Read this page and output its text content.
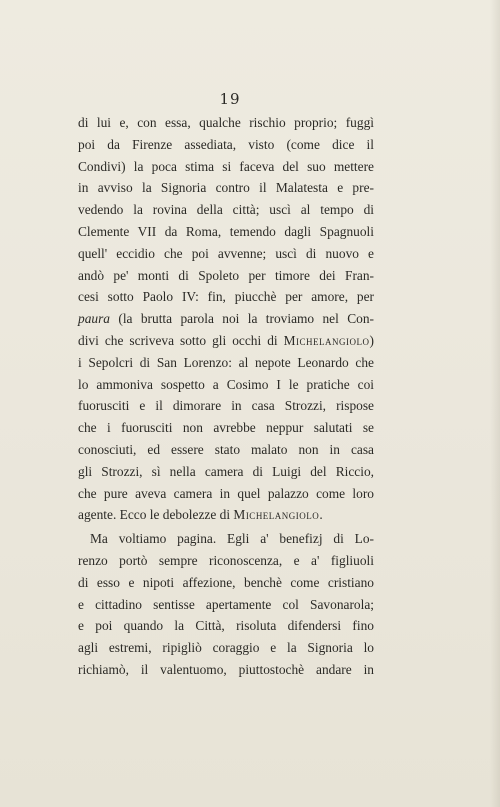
19
di lui e, con essa, qualche rischio proprio; fuggì
poi da Firenze assediata, visto (come dice il
Condivi) la poca stima si faceva del suo mettere
in avviso la Signoria contro il Malatesta e pre-
vedendo la rovina della città; uscì al tempo di
Clemente VII da Roma, temendo dagli Spagnuoli
quell' eccidio che poi avvenne; uscì di nuovo e
andò pe' monti di Spoleto per timore dei Fran-
cesi sotto Paolo IV: fin, piucchè per amore, per
paura (la brutta parola noi la troviamo nel Con-
divi che scriveva sotto gli occhi di Michelangiolo)
i Sepolcri di San Lorenzo: al nepote Leonardo che
lo ammoniva sospetto a Cosimo I le pratiche coi
fuorusciti e il dimorare in casa Strozzi, rispose
che i fuorusciti non avrebbe neppur salutati se
conosciuti, ed essere stato malato non in casa
gli Strozzi, sì nella camera di Luigi del Riccio,
che pure aveva camera in quel palazzo come loro
agente. Ecco le debolezze di Michelangiolo.
Ma voltiamo pagina. Egli a' benefizj di Lo-
renzo portò sempre riconoscenza, e a' figliuoli
di esso e nipoti affezione, benchè come cristiano
e cittadino sentisse apertamente col Savonarola;
e poi quando la Città, risoluta difendersi fino
agli estremi, ripigliò coraggio e la Signoria lo
richiamò, il valentuomo, piuttostochè andare in
